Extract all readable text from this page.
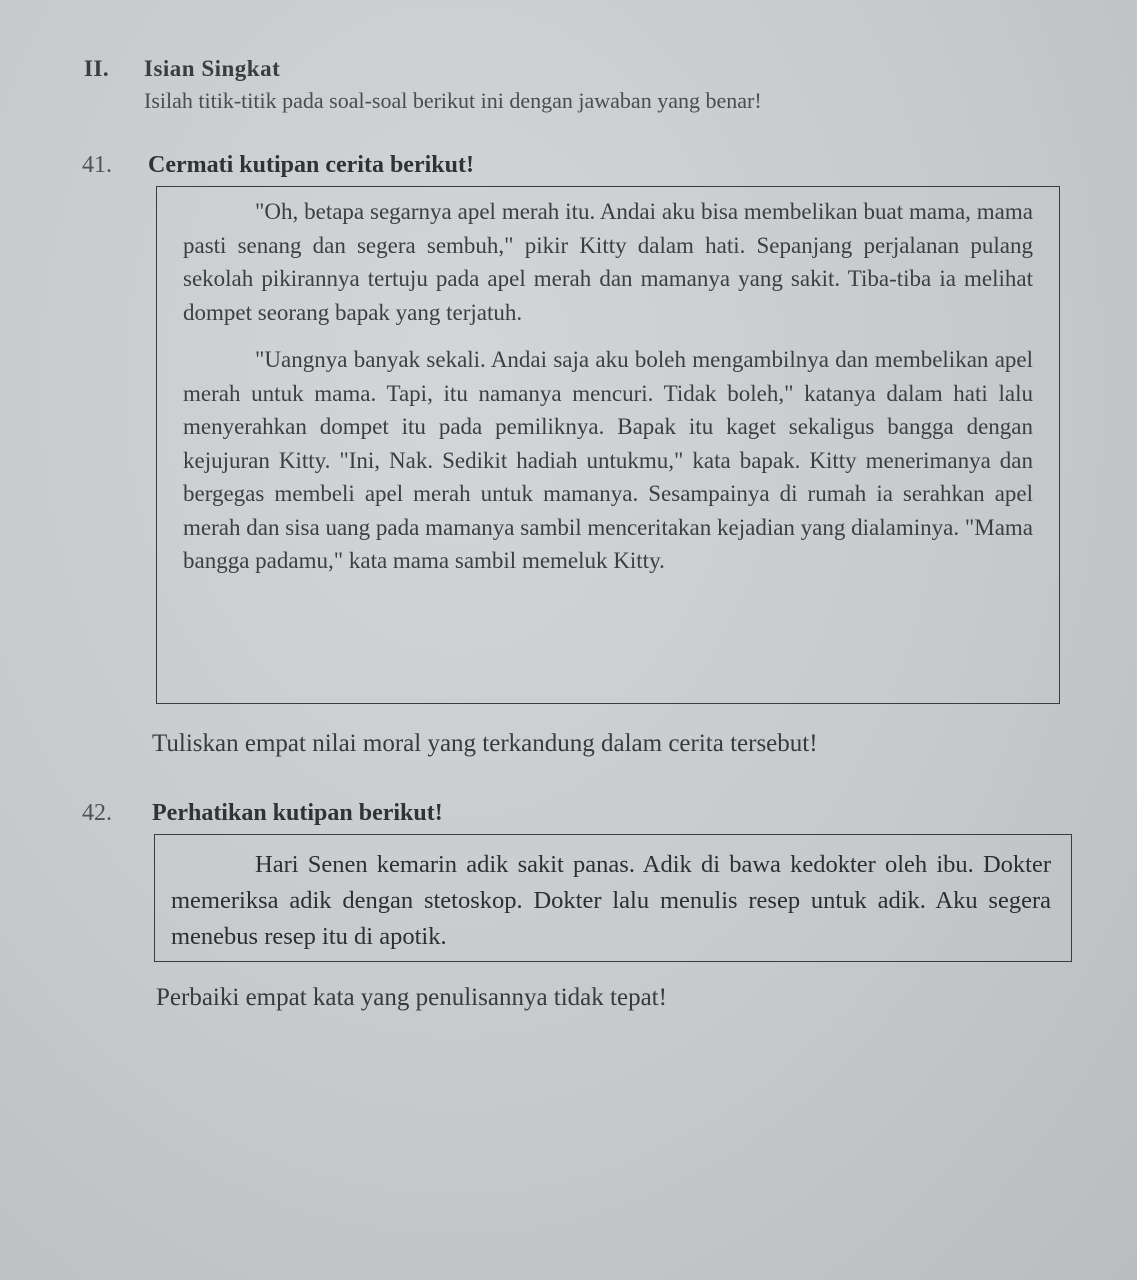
II. Isian Singkat
Isilah titik-titik pada soal-soal berikut ini dengan jawaban yang benar!
41. Cermati kutipan cerita berikut!

"Oh, betapa segarnya apel merah itu. Andai aku bisa membelikan buat mama, mama pasti senang dan segera sembuh," pikir Kitty dalam hati. Sepanjang perjalanan pulang sekolah pikirannya tertuju pada apel merah dan mamanya yang sakit. Tiba-tiba ia melihat dompet seorang bapak yang terjatuh.

"Uangnya banyak sekali. Andai saja aku boleh mengambilnya dan membelikan apel merah untuk mama. Tapi, itu namanya mencuri. Tidak boleh," katanya dalam hati lalu menyerahkan dompet itu pada pemiliknya. Bapak itu kaget sekaligus bangga dengan kejujuran Kitty. "Ini, Nak. Sedikit hadiah untukmu," kata bapak. Kitty menerimanya dan bergegas membeli apel merah untuk mamanya. Sesampainya di rumah ia serahkan apel merah dan sisa uang pada mamanya sambil menceritakan kejadian yang dialaminya. "Mama bangga padamu," kata mama sambil memeluk Kitty.

Tuliskan empat nilai moral yang terkandung dalam cerita tersebut!
42. Perhatikan kutipan berikut!

Hari Senen kemarin adik sakit panas. Adik di bawa kedokter oleh ibu. Dokter memeriksa adik dengan stetoskop. Dokter lalu menulis resep untuk adik. Aku segera menebus resep itu di apotik.

Perbaiki empat kata yang penulisannya tidak tepat!
